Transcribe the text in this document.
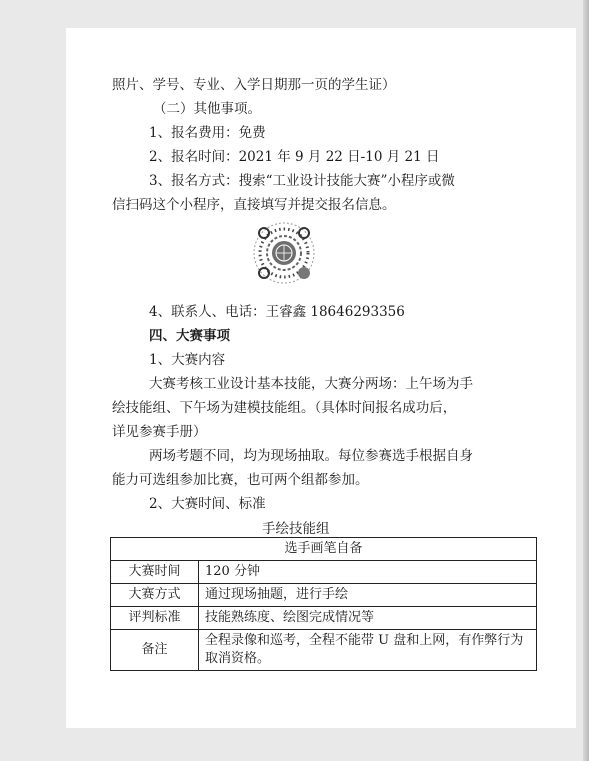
照片、学号、专业、入学日期那一页的学生证）
（二）其他事项。
1、报名费用：免费
2、报名时间：2021 年 9 月 22 日-10 月 21 日
3、报名方式：搜索“工业设计技能大赛”小程序或微
信扫码这个小程序，直接填写并提交报名信息。
4、联系人、电话：王睿鑫 18646293356
四、大赛事项
1、大赛内容
大赛考核工业设计基本技能，大赛分两场：上午场为手
绘技能组、下午场为建模技能组。（具体时间报名成功后，
详见参赛手册）
两场考题不同，均为现场抽取。每位参赛选手根据自身
能力可选组参加比赛，也可两个组都参加。
2、大赛时间、标准
手绘技能组
选手画笔自备	
大赛时间	120 分钟
大赛方式	通过现场抽题，进行手绘
评判标准	技能熟练度、绘图完成情况等
备注	全程录像和巡考，全程不能带 U 盘和上网，有作弊行为取消资格。
